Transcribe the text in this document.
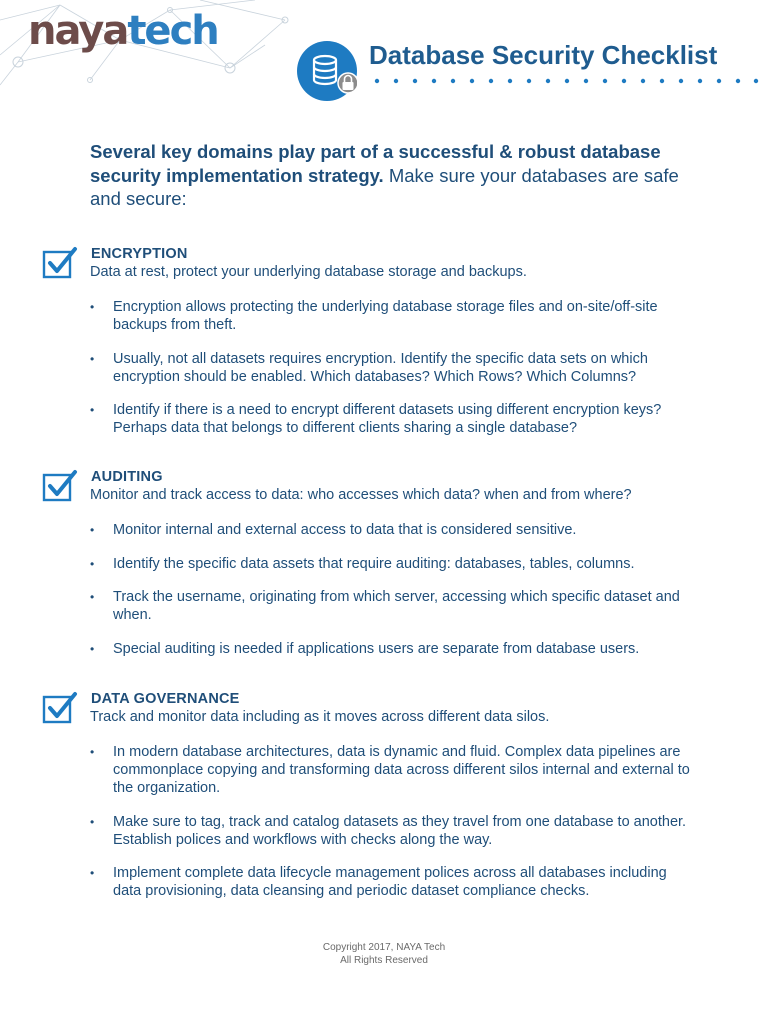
nayatech
Database Security Checklist
Several key domains play part of a successful & robust database security implementation strategy. Make sure your databases are safe and secure:
ENCRYPTION
Data at rest, protect your underlying database storage and backups.
• Encryption allows protecting the underlying database storage files and on-site/off-site backups from theft.
• Usually, not all datasets requires encryption. Identify the specific data sets on which encryption should be enabled. Which databases? Which Rows? Which Columns?
• Identify if there is a need to encrypt different datasets using different encryption keys? Perhaps data that belongs to different clients sharing a single database?
AUDITING
Monitor and track access to data: who accesses which data? when and from where?
• Monitor internal and external access to data that is considered sensitive.
• Identify the specific data assets that require auditing: databases, tables, columns.
• Track the username, originating from which server, accessing which specific dataset and when.
• Special auditing is needed if applications users are separate from database users.
DATA GOVERNANCE
Track and monitor data including as it moves across different data silos.
• In modern database architectures, data is dynamic and fluid. Complex data pipelines are commonplace copying and transforming data across different silos internal and external to the organization.
• Make sure to tag, track and catalog datasets as they travel from one database to another. Establish polices and workflows with checks along the way.
• Implement complete data lifecycle management polices across all databases including data provisioning, data cleansing and periodic dataset compliance checks.
Copyright 2017, NAYA Tech
All Rights Reserved
